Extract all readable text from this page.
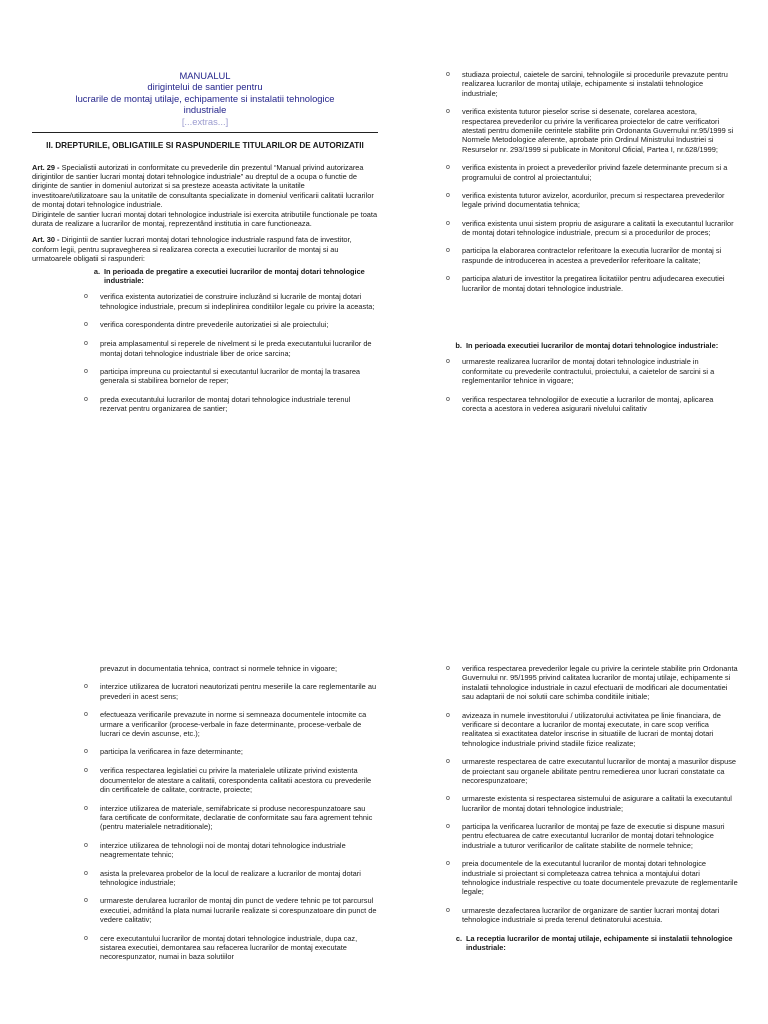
MANUALUL
dirigintelui de santier pentru
lucrarile de montaj utilaje, echipamente si instalatii tehnologice
industriale
[...extras...]
II. DREPTURILE, OBLIGATIILE SI RASPUNDERILE TITULARILOR DE AUTORIZATII

Art. 29 - Specialistii autorizati in conformitate cu prevederile din prezentul “Manual privind autorizarea dirigintilor de santier lucrari montaj dotari tehnologice industriale” au dreptul de a ocupa o functie de diriginte de santier in domeniul autorizat si sa presteze aceasta activitate la unitatile investitoare/utilizatoare sau la unitatile de consultanta specializate in domeniul verificarii calitatii lucrarilor de montaj dotari tehnologice industriale.
Dirigintele de santier lucrari montaj dotari tehnologice industriale isi exercita atributiile functionale pe toata durata de realizare a lucrarilor de montaj, reprezentând institutia in care functioneaza.

Art. 30 - Dirigintii de santier lucrari montaj dotari tehnologice industriale raspund fata de investitor, conform legii, pentru supravegherea si realizarea corecta a executiei lucrarilor de montaj si au urmatoarele obligatii si raspunderi:

a. In perioada de pregatire a executiei lucrarilor de montaj dotari tehnologice industriale:
o	verifica existenta autorizatiei de construire incluzând si lucrarile de montaj dotari tehnologice industriale, precum si indeplinirea conditiilor legale cu privire la aceasta;
o	verifica corespondenta dintre prevederile autorizatiei si ale proiectului;
o	preia amplasamentul si reperele de nivelment si le preda executantului lucrarilor de montaj dotari tehnologice industriale liber de orice sarcina;
o	participa impreuna cu proiectantul si executantul lucrarilor de montaj la trasarea generala si stabilirea bornelor de reper;
o	preda executantului lucrarilor de montaj dotari tehnologice industriale terenul rezervat pentru organizarea de santier;
o	studiaza proiectul, caietele de sarcini, tehnologiile si procedurile prevazute pentru realizarea lucrarilor de montaj utilaje, echipamente si instalatii tehnologice industriale;
o	verifica existenta tuturor pieselor scrise si desenate, corelarea acestora, respectarea prevederilor cu privire la verificarea proiectelor de catre verificatori atestati pentru domeniile cerintele stabilite prin Ordonanta Guvernului nr.95/1999 si Normele Metodologice aferente, aprobate prin Ordinul Ministrului Industriei si Resurselor nr. 293/1999 si publicate in Monitorul Oficial, Partea I, nr.628/1999;
o	verifica existenta in proiect a prevederilor privind fazele determinante precum si a programului de control al proiectantului;
o	verifica existenta tuturor avizelor, acordurilor, precum si respectarea prevederilor legale privind documentatia tehnica;
o	verifica existenta unui sistem propriu de asigurare a calitatii la executantul lucrarilor de montaj dotari tehnologice industriale, precum si a procedurilor de proces;
o	participa la elaborarea contractelor referitoare la executia lucrarilor de montaj si raspunde de introducerea in acestea a prevederilor referitoare la calitate;
o	participa alaturi de investitor la pregatirea licitatiilor pentru adjudecarea executiei lucrarilor de montaj dotari tehnologice industriale.
b. In perioada executiei lucrarilor de montaj dotari tehnologice industriale:
o	urmareste realizarea lucrarilor de montaj dotari tehnologice industriale in conformitate cu prevederile contractului, proiectului, a caietelor de sarcini si a reglementarilor tehnice in vigoare;
o	verifica respectarea tehnologiilor de executie a lucrarilor de montaj, aplicarea corecta a acestora in vederea asigurarii nivelului calitativ

prevazut in documentatia tehnica, contract si normele tehnice in vigoare;

o	interzice utilizarea de lucratori neautorizati pentru meseriile la care reglementarile au prevederi in acest sens;
o	efectueaza verificarile prevazute in norme si semneaza documentele intocmite ca urmare a verificarilor (procese-verbale in faze determinante, procese-verbale de lucrari ce devin ascunse, etc.);
o	participa la verificarea in faze determinante;
o	verifica respectarea legislatiei cu privire la materialele utilizate privind existenta documentelor de atestare a calitatii, corespondenta calitatii acestora cu prevederile din certificatele de calitate, contracte, proiecte;
o	interzice utilizarea de materiale, semifabricate si produse necorespunzatoare sau fara certificate de conformitate, declaratie de conformitate sau fara agrement tehnic (pentru materialele netraditionale);
o	interzice utilizarea de tehnologii noi de montaj dotari tehnologice industriale neagrementate tehnic;
o	asista la prelevarea probelor de la locul de realizare a lucrarilor de montaj dotari tehnologice industriale;
o	urmareste derularea lucrarilor de montaj din punct de vedere tehnic pe tot parcursul executiei, admitând la plata numai lucrarile realizate si corespunzatoare din punct de vedere calitativ;
o	cere executantului lucrarilor de montaj dotari tehnologice industriale, dupa caz, sistarea executiei, demontarea sau refacerea lucrarilor de montaj executate necorespunzator, numai in baza solutiilor
o	verifica respectarea prevederilor legale cu privire la cerintele stabilite prin Ordonanta Guvernului nr. 95/1995 privind calitatea lucrarilor de montaj utilaje, echipamente si instalatii tehnologice industriale in cazul efectuarii de modificari ale documentatiei sau adaptarii de noi solutii care schimba conditiile initiale;
o	avizeaza in numele investitorului / utilizatorului activitatea pe linie financiara, de verificare si decontare a lucrarilor de montaj executate, in care scop verifica realitatea si exactitatea datelor inscrise in situatiile de lucrari de montaj dotari tehnologice industriale privind stadiile fizice realizate;
o	urmareste respectarea de catre executantul lucrarilor de montaj a masurilor dispuse de proiectant sau organele abilitate pentru remedierea unor lucrari constatate ca necorespunzatoare;
o	urmareste existenta si respectarea sistemului de asigurare a calitatii la executantul lucrarilor de montaj dotari tehnologice industriale;
o	participa la verificarea lucrarilor de montaj pe faze de executie si dispune masuri pentru efectuarea de catre executantul lucrarilor de montaj dotari tehnologice industriale a tuturor verificarilor de calitate stabilite de normele tehnice;
o	preia documentele de la executantul lucrarilor de montaj dotari tehnologice industriale si proiectant si completeaza catrea tehnica a montajului dotari tehnologice industriale respective cu toate documentele prevazute de reglementarile legale;
o	urmareste dezafectarea lucrarilor de organizare de santier lucrari montaj dotari tehnologice industriale si preda terenul detinatorului acestuia.
c. La receptia lucrarilor de montaj utilaje, echipamente si instalatii tehnologice industriale:
